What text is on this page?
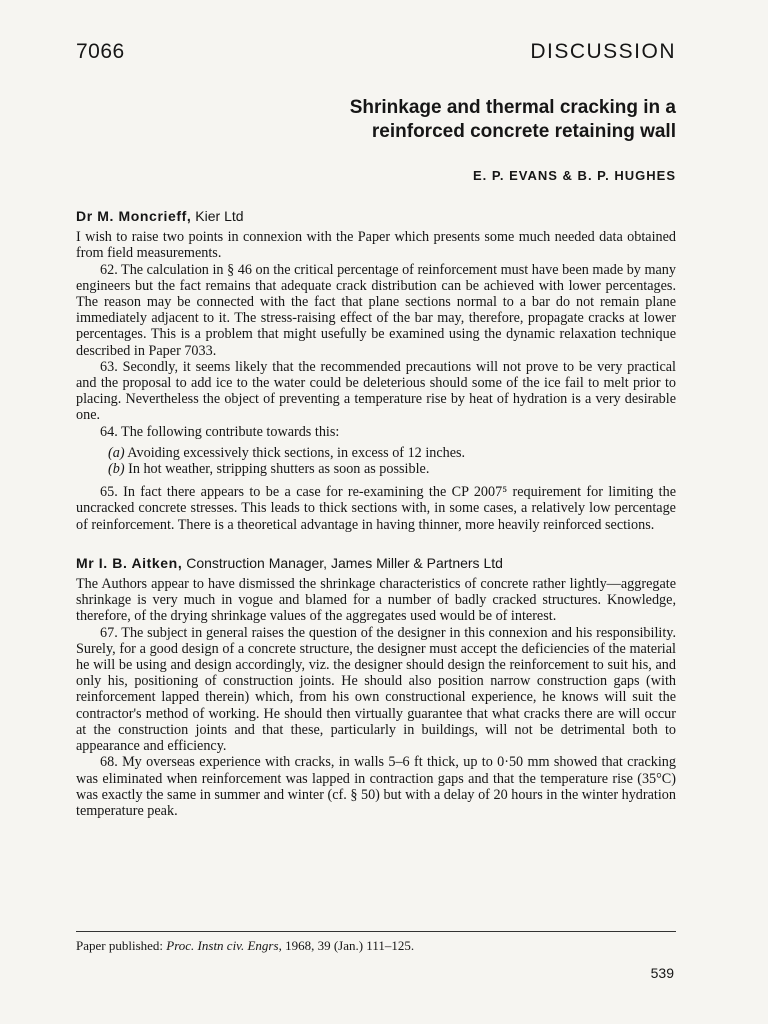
7066	DISCUSSION
Shrinkage and thermal cracking in a
reinforced concrete retaining wall
E. P. EVANS & B. P. HUGHES
Dr M. Moncrieff, Kier Ltd

I wish to raise two points in connexion with the Paper which presents some much needed data obtained from field measurements.

62. The calculation in § 46 on the critical percentage of reinforcement must have been made by many engineers but the fact remains that adequate crack distribution can be achieved with lower percentages. The reason may be connected with the fact that plane sections normal to a bar do not remain plane immediately adjacent to it. The stress-raising effect of the bar may, therefore, propagate cracks at lower percentages. This is a problem that might usefully be examined using the dynamic relaxation technique described in Paper 7033.

63. Secondly, it seems likely that the recommended precautions will not prove to be very practical and the proposal to add ice to the water could be deleterious should some of the ice fail to melt prior to placing. Nevertheless the object of preventing a temperature rise by heat of hydration is a very desirable one.

64. The following contribute towards this:

(a) Avoiding excessively thick sections, in excess of 12 inches.
(b) In hot weather, stripping shutters as soon as possible.

65. In fact there appears to be a case for re-examining the CP 2007⁵ requirement for limiting the uncracked concrete stresses. This leads to thick sections with, in some cases, a relatively low percentage of reinforcement. There is a theoretical advantage in having thinner, more heavily reinforced sections.

Mr I. B. Aitken, Construction Manager, James Miller & Partners Ltd

The Authors appear to have dismissed the shrinkage characteristics of concrete rather lightly—aggregate shrinkage is very much in vogue and blamed for a number of badly cracked structures. Knowledge, therefore, of the drying shrinkage values of the aggregates used would be of interest.

67. The subject in general raises the question of the designer in this connexion and his responsibility. Surely, for a good design of a concrete structure, the designer must accept the deficiencies of the material he will be using and design accordingly, viz. the designer should design the reinforcement to suit his, and only his, positioning of construction joints. He should also position narrow construction gaps (with reinforcement lapped therein) which, from his own constructional experience, he knows will suit the contractor's method of working. He should then virtually guarantee that what cracks there are will occur at the construction joints and that these, particularly in buildings, will not be detrimental both to appearance and efficiency.

68. My overseas experience with cracks, in walls 5–6 ft thick, up to 0·50 mm showed that cracking was eliminated when reinforcement was lapped in contraction gaps and that the temperature rise (35°C) was exactly the same in summer and winter (cf. § 50) but with a delay of 20 hours in the winter hydration temperature peak.

Paper published: Proc. Instn civ. Engrs, 1968, 39 (Jan.) 111–125.
539
